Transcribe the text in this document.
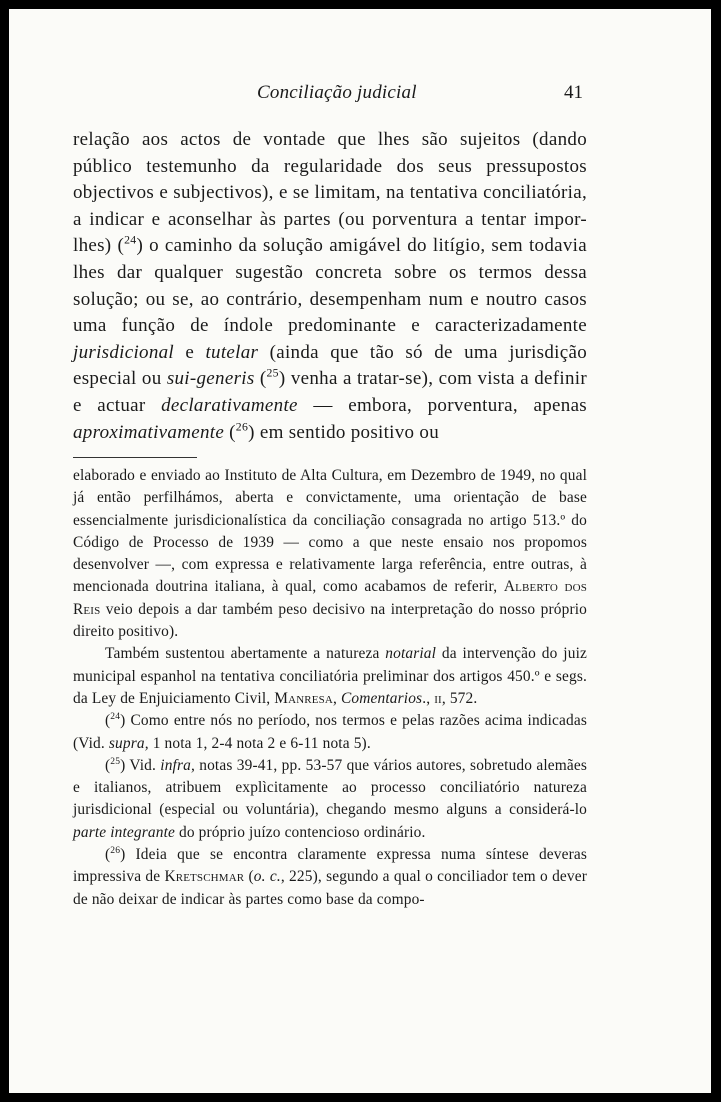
Conciliação judicial	41

relação aos actos de vontade que lhes são sujeitos (dando público testemunho da regularidade dos seus pressupostos objectivos e subjectivos), e se limitam, na tentativa conciliatória, a indicar e aconselhar às partes (ou porventura a tentar impor-lhes) ($^{24}$) o caminho da solução amigável do litígio, sem todavia lhes dar qualquer sugestão concreta sobre os termos dessa solução; ou se, ao contrário, desempenham num e noutro casos uma função de índole predominante e caracterizadamente jurisdicional e tutelar (ainda que tão só de uma jurisdição especial ou sui-generis ($^{25}$) venha a tratar-se), com vista a definir e actuar declarativamente — embora, porventura, apenas aproximativamente ($^{26}$) em sentido positivo ou

elaborado e enviado ao Instituto de Alta Cultura, em Dezembro de 1949, no qual já então perfilhámos, aberta e convictamente, uma orientação de base essencialmente jurisdicionalística da conciliação consagrada no artigo 513.º do Código de Processo de 1939 — como a que neste ensaio nos propomos desenvolver —, com expressa e relativamente larga referência, entre outras, à mencionada doutrina italiana, à qual, como acabamos de referir, Alberto dos Reis veio depois a dar também peso decisivo na interpretação do nosso próprio direito positivo).

Também sustentou abertamente a natureza notarial da intervenção do juiz municipal espanhol na tentativa conciliatória preliminar dos artigos 450.º e segs. da Ley de Enjuiciamento Civil, Manresa, Comentarios., ii, 572.

($^{24}$) Como entre nós no período, nos termos e pelas razões acima indicadas (Vid. supra, 1 nota 1, 2-4 nota 2 e 6-11 nota 5).

($^{25}$) Vid. infra, notas 39-41, pp. 53-57 que vários autores, sobretudo alemães e italianos, atribuem explìcitamente ao processo conciliatório natureza jurisdicional (especial ou voluntária), chegando mesmo alguns a considerá-lo parte integrante do próprio juízo contencioso ordinário.

($^{26}$) Ideia que se encontra claramente expressa numa síntese deveras impressiva de Kretschmar (o. c., 225), segundo a qual o conciliador tem o dever de não deixar de indicar às partes como base da compo-
